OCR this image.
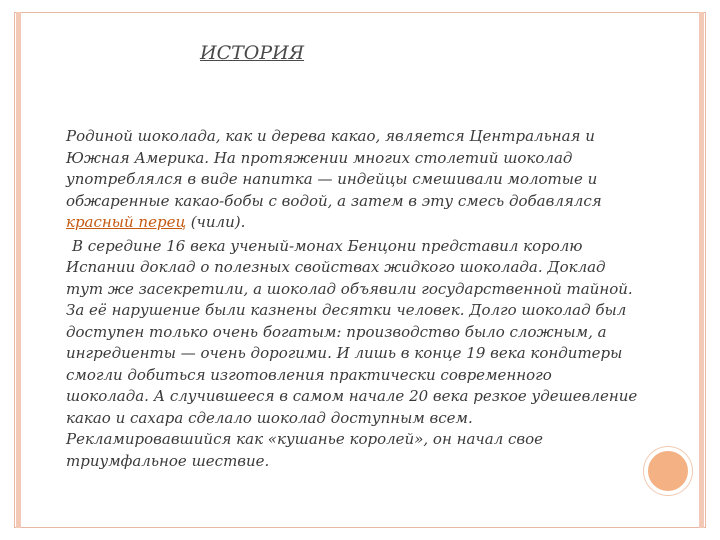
ИСТОРИЯ

Родиной шоколада, как и дерева какао, является Центральная и Южная Америка. На протяжении многих столетий шоколад употреблялся в виде напитка — индейцы смешивали молотые и обжаренные какао-бобы с водой, а затем в эту смесь добавлялся красный перец (чили).

В середине 16 века ученый-монах Бенцони представил королю Испании доклад о полезных свойствах жидкого шоколада. Доклад тут же засекретили, а шоколад объявили государственной тайной. За её нарушение были казнены десятки человек. Долго шоколад был доступен только очень богатым: производство было сложным, а ингредиенты — очень дорогими. И лишь в конце 19 века кондитеры смогли добиться изготовления практически современного шоколада. А случившееся в самом начале 20 века резкое удешевление какао и сахара сделало шоколад доступным всем. Рекламировавшийся как «кушанье королей», он начал свое триумфальное шествие.
